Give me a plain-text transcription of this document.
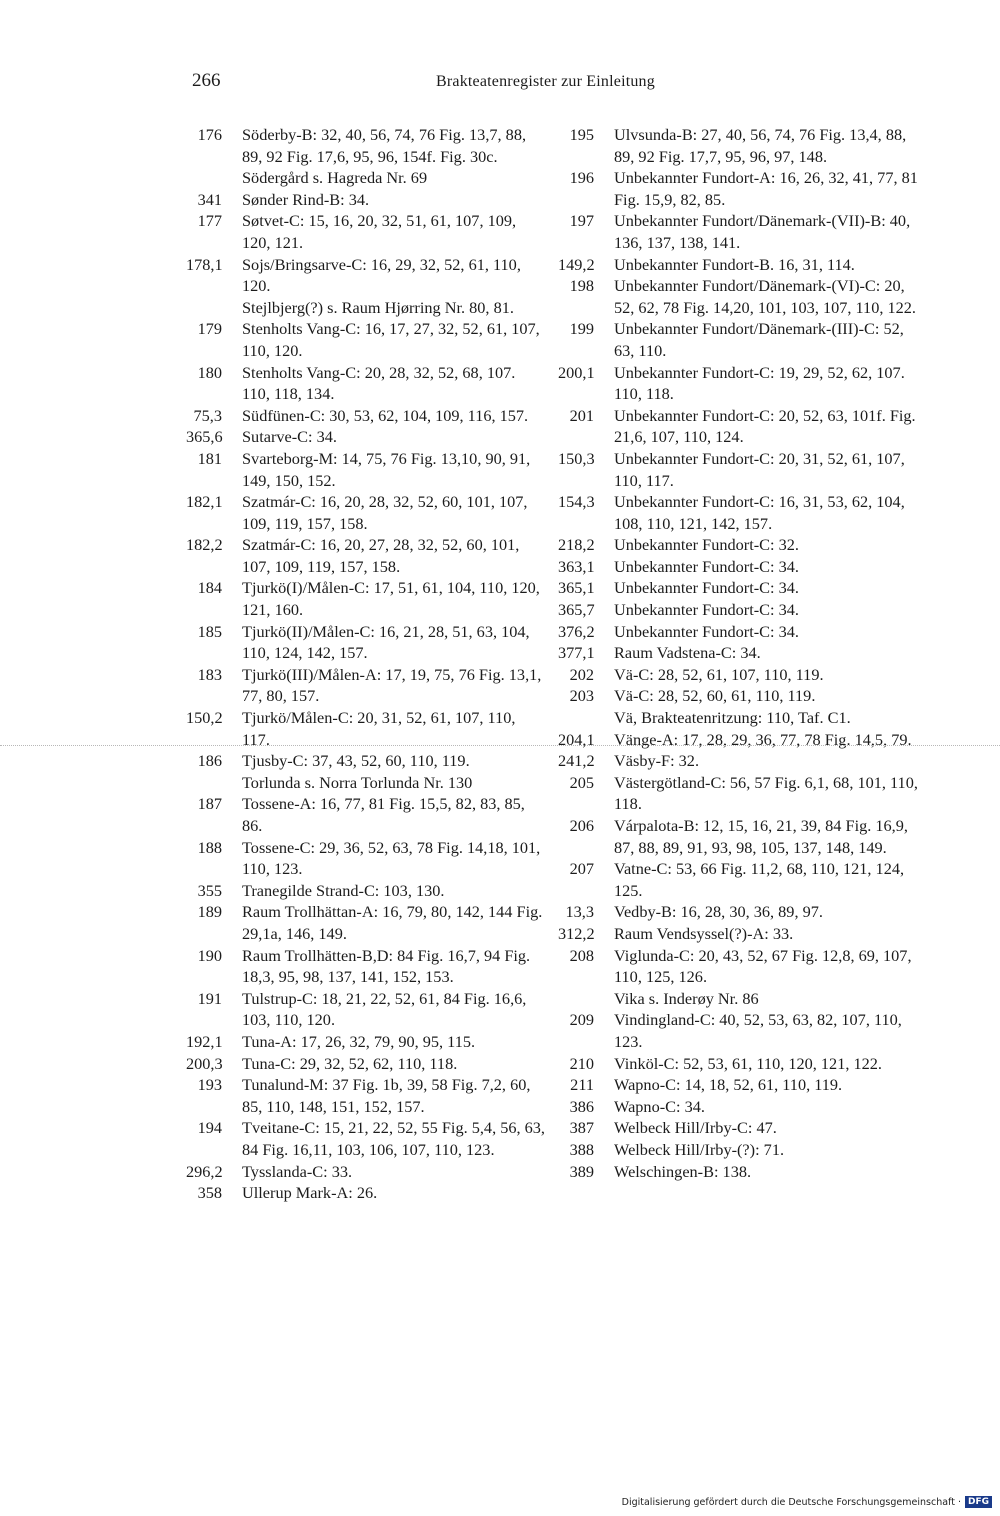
266	Brakteatenregister zur Einleitung
176	Söderby-B: 32, 40, 56, 74, 76 Fig. 13,7, 88, 89, 92 Fig. 17,6, 95, 96, 154f. Fig. 30c.
Södergård s. Hagreda Nr. 69
341	Sønder Rind-B: 34.
177	Søtvet-C: 15, 16, 20, 32, 51, 61, 107, 109, 120, 121.
178,1	Sojs/Bringsarve-C: 16, 29, 32, 52, 61, 110, 120.
Stejlbjerg(?) s. Raum Hjørring Nr. 80, 81.
179	Stenholts Vang-C: 16, 17, 27, 32, 52, 61, 107, 110, 120.
180	Stenholts Vang-C: 20, 28, 32, 52, 68, 107. 110, 118, 134.
75,3	Südfünen-C: 30, 53, 62, 104, 109, 116, 157.
365,6	Sutarve-C: 34.
181	Svarteborg-M: 14, 75, 76 Fig. 13,10, 90, 91, 149, 150, 152.
182,1	Szatmár-C: 16, 20, 28, 32, 52, 60, 101, 107, 109, 119, 157, 158.
182,2	Szatmár-C: 16, 20, 27, 28, 32, 52, 60, 101, 107, 109, 119, 157, 158.
184	Tjurkö(I)/Målen-C: 17, 51, 61, 104, 110, 120, 121, 160.
185	Tjurkö(II)/Målen-C: 16, 21, 28, 51, 63, 104, 110, 124, 142, 157.
183	Tjurkö(III)/Målen-A: 17, 19, 75, 76 Fig. 13,1, 77, 80, 157.
150,2	Tjurkö/Målen-C: 20, 31, 52, 61, 107, 110, 117.
186	Tjusby-C: 37, 43, 52, 60, 110, 119.
Torlunda s. Norra Torlunda Nr. 130
187	Tossene-A: 16, 77, 81 Fig. 15,5, 82, 83, 85, 86.
188	Tossene-C: 29, 36, 52, 63, 78 Fig. 14,18, 101, 110, 123.
355	Tranegilde Strand-C: 103, 130.
189	Raum Trollhättan-A: 16, 79, 80, 142, 144 Fig. 29,1a, 146, 149.
190	Raum Trollhätten-B,D: 84 Fig. 16,7, 94 Fig. 18,3, 95, 98, 137, 141, 152, 153.
191	Tulstrup-C: 18, 21, 22, 52, 61, 84 Fig. 16,6, 103, 110, 120.
192,1	Tuna-A: 17, 26, 32, 79, 90, 95, 115.
200,3	Tuna-C: 29, 32, 52, 62, 110, 118.
193	Tunalund-M: 37 Fig. 1b, 39, 58 Fig. 7,2, 60, 85, 110, 148, 151, 152, 157.
194	Tveitane-C: 15, 21, 22, 52, 55 Fig. 5,4, 56, 63, 84 Fig. 16,11, 103, 106, 107, 110, 123.
296,2	Tysslanda-C: 33.
358	Ullerup Mark-A: 26.
195	Ulvsunda-B: 27, 40, 56, 74, 76 Fig. 13,4, 88, 89, 92 Fig. 17,7, 95, 96, 97, 148.
196	Unbekannter Fundort-A: 16, 26, 32, 41, 77, 81 Fig. 15,9, 82, 85.
197	Unbekannter Fundort/Dänemark-(VII)-B: 40, 136, 137, 138, 141.
149,2	Unbekannter Fundort-B. 16, 31, 114.
198	Unbekannter Fundort/Dänemark-(VI)-C: 20, 52, 62, 78 Fig. 14,20, 101, 103, 107, 110, 122.
199	Unbekannter Fundort/Dänemark-(III)-C: 52, 63, 110.
200,1	Unbekannter Fundort-C: 19, 29, 52, 62, 107. 110, 118.
201	Unbekannter Fundort-C: 20, 52, 63, 101f. Fig. 21,6, 107, 110, 124.
150,3	Unbekannter Fundort-C: 20, 31, 52, 61, 107, 110, 117.
154,3	Unbekannter Fundort-C: 16, 31, 53, 62, 104, 108, 110, 121, 142, 157.
218,2	Unbekannter Fundort-C: 32.
363,1	Unbekannter Fundort-C: 34.
365,1	Unbekannter Fundort-C: 34.
365,7	Unbekannter Fundort-C: 34.
376,2	Unbekannter Fundort-C: 34.
377,1	Raum Vadstena-C: 34.
202	Vä-C: 28, 52, 61, 107, 110, 119.
203	Vä-C: 28, 52, 60, 61, 110, 119.
Vä, Brakteatenritzung: 110, Taf. C1.
204,1	Vänge-A: 17, 28, 29, 36, 77, 78 Fig. 14,5, 79.
241,2	Väsby-F: 32.
205	Västergötland-C: 56, 57 Fig. 6,1, 68, 101, 110, 118.
206	Várpalota-B: 12, 15, 16, 21, 39, 84 Fig. 16,9, 87, 88, 89, 91, 93, 98, 105, 137, 148, 149.
207	Vatne-C: 53, 66 Fig. 11,2, 68, 110, 121, 124, 125.
13,3	Vedby-B: 16, 28, 30, 36, 89, 97.
312,2	Raum Vendsyssel(?)-A: 33.
208	Viglunda-C: 20, 43, 52, 67 Fig. 12,8, 69, 107, 110, 125, 126.
Vika s. Inderøy Nr. 86
209	Vindingland-C: 40, 52, 53, 63, 82, 107, 110, 123.
210	Vinköl-C: 52, 53, 61, 110, 120, 121, 122.
211	Wapno-C: 14, 18, 52, 61, 110, 119.
386	Wapno-C: 34.
387	Welbeck Hill/Irby-C: 47.
388	Welbeck Hill/Irby-(?): 71.
389	Welschingen-B: 138.
Digitalisierung gefördert durch die Deutsche Forschungsgemeinschaft · DFG
